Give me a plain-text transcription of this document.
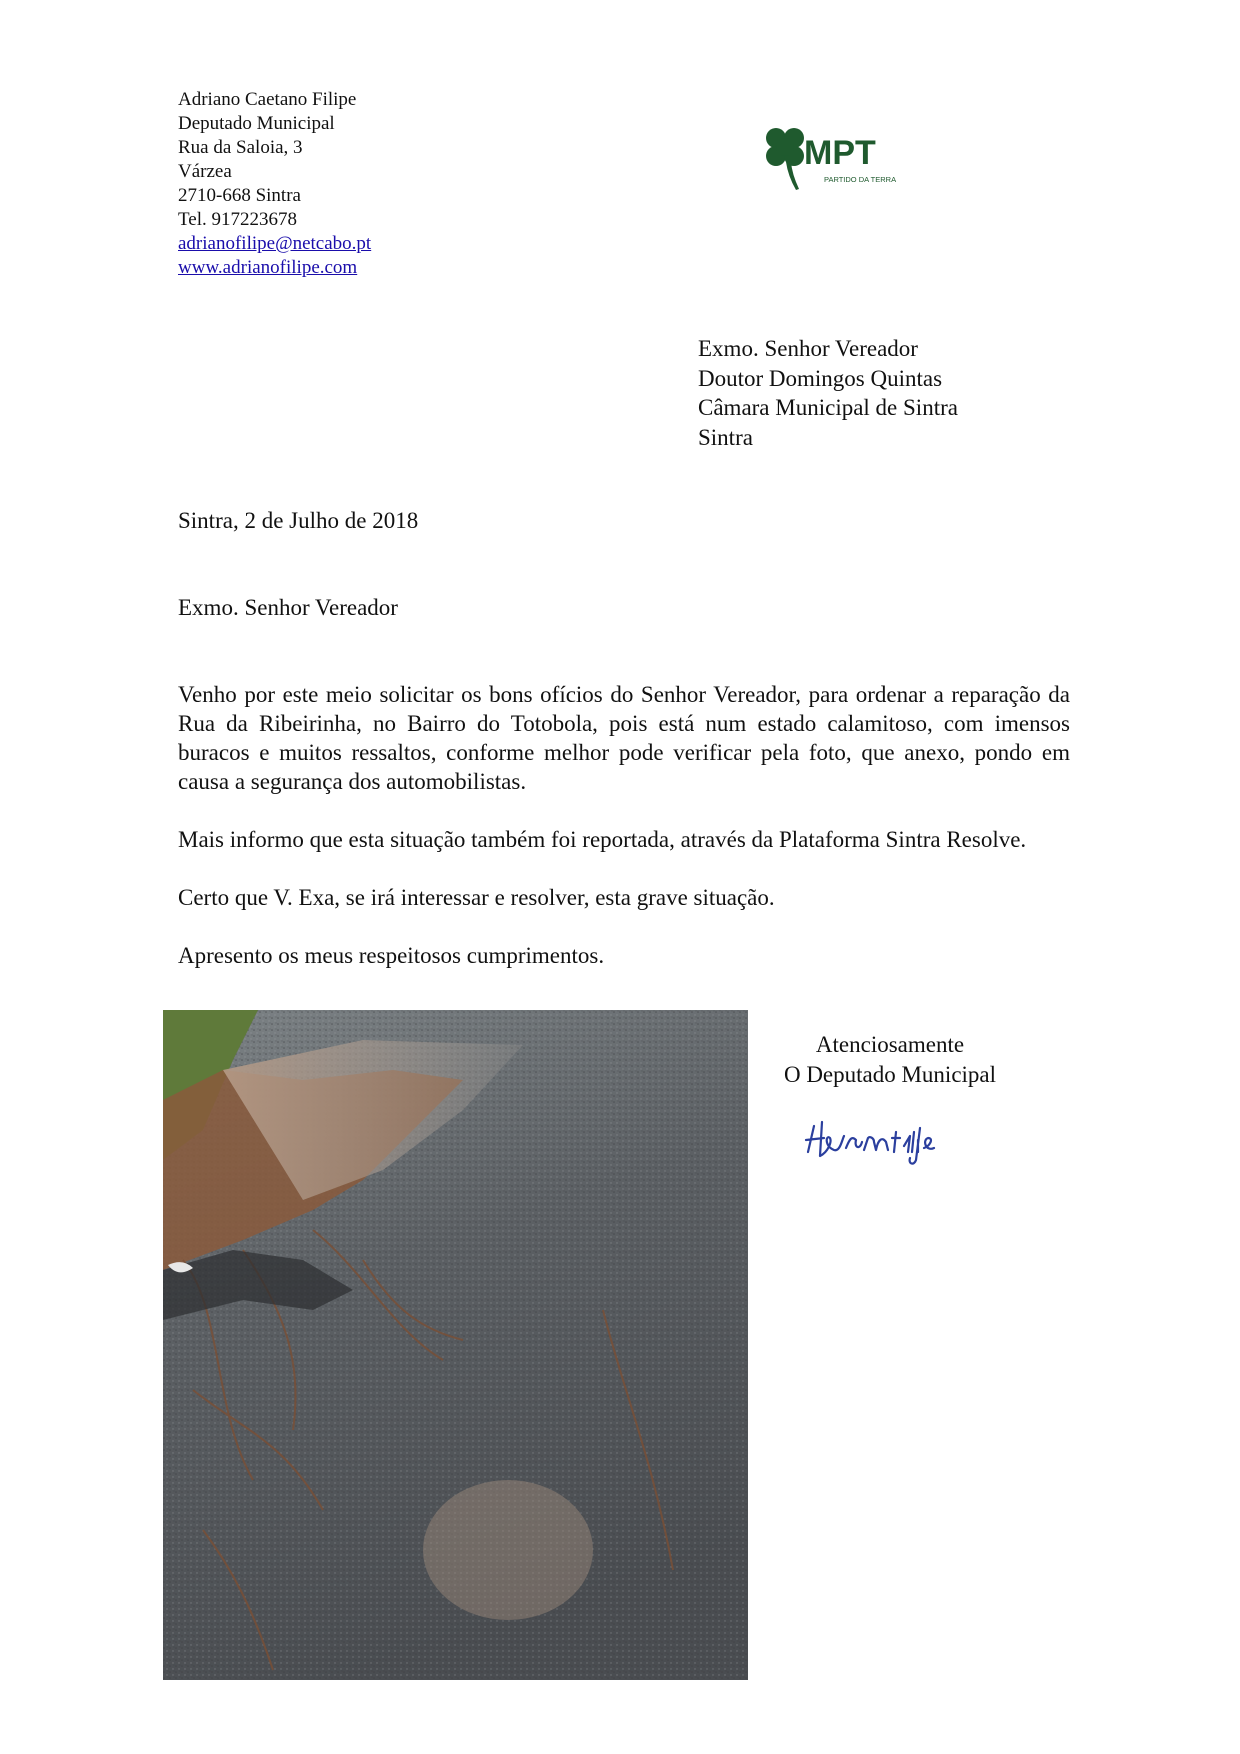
Adriano Caetano Filipe
Deputado Municipal
Rua da Saloia, 3
Várzea
2710-668 Sintra
Tel. 917223678
adrianofilipe@netcabo.pt
www.adrianofilipe.com
MPT
PARTIDO DA TERRA
Exmo. Senhor Vereador
Doutor Domingos Quintas
Câmara Municipal de Sintra
Sintra
Sintra, 2 de Julho de 2018
Exmo. Senhor Vereador

Venho por este meio solicitar os bons ofícios do Senhor Vereador, para ordenar a reparação da Rua da Ribeirinha, no Bairro do Totobola, pois está num estado calamitoso, com imensos buracos e muitos ressaltos, conforme melhor pode verificar pela foto, que anexo, pondo em causa a segurança dos automobilistas.

Mais informo que esta situação também foi reportada, através da Plataforma Sintra Resolve.

Certo que V. Exa, se irá interessar e resolver, esta grave situação.

Apresento os meus respeitosos cumprimentos.

Atenciosamente
O Deputado Municipal
